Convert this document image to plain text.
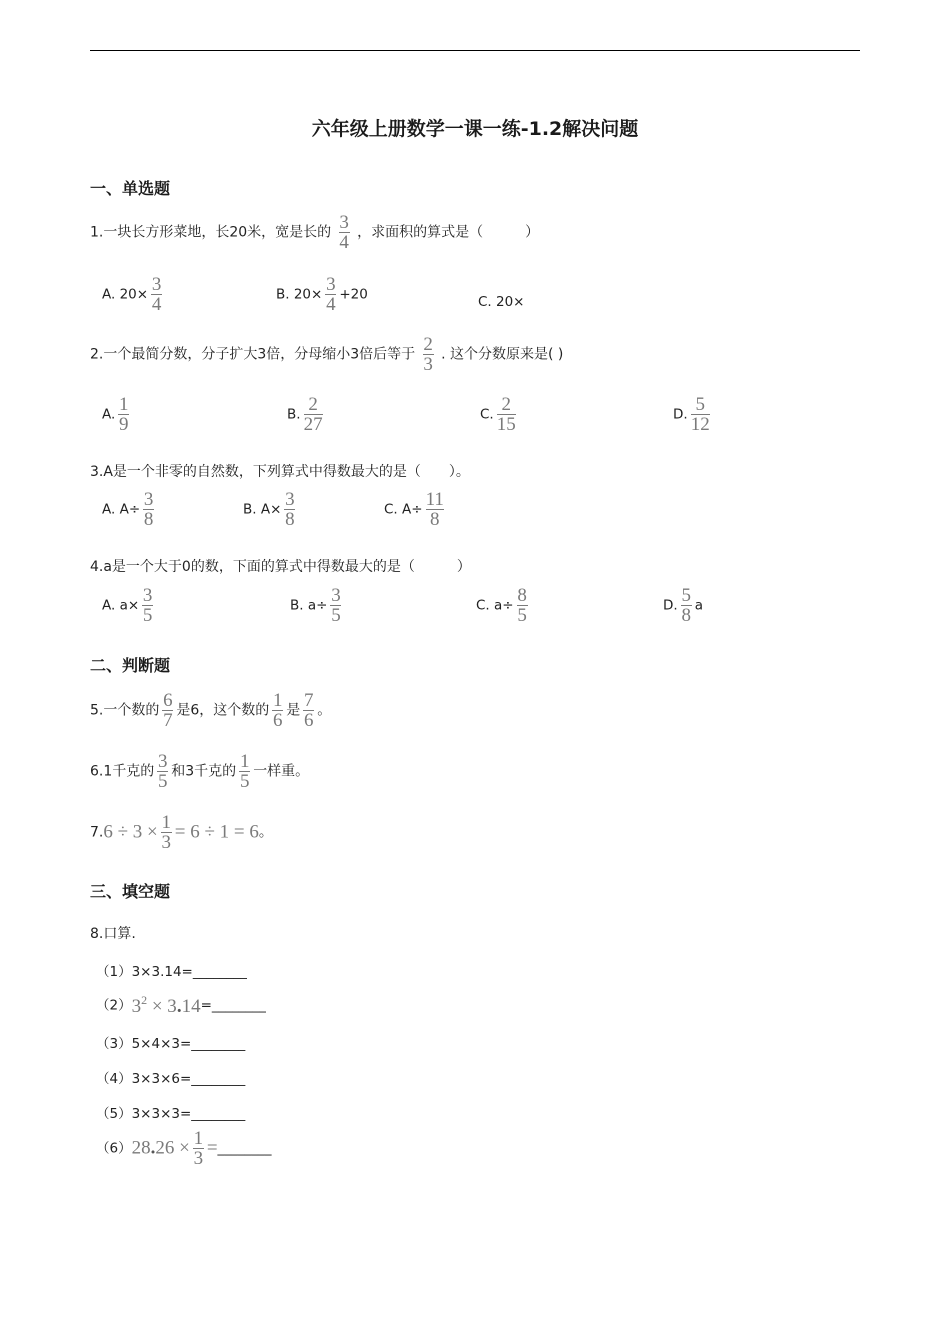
六年级上册数学一课一练-1.2解决问题
一、单选题
1.一块长方形菜地，长20米，宽是长的 $\frac{3}{4}$ ，求面积的算式是（　　　）
A. $20\times \frac{3}{4}$	B. $20\times \frac{3}{4} +20$	C. 20×
2.一个最简分数，分子扩大3倍，分母缩小3倍后等于 $\frac{2}{3}$ . 这个分数原来是( )
A. $\frac{1}{9}$	B. $\frac{2}{27}$	C. $\frac{2}{15}$	D. $\frac{5}{12}$
3.A是一个非零的自然数，下列算式中得数最大的是（　　）。
A. $A\div \frac{3}{8}$	B. $A\times \frac{3}{8}$	C. $A\div \frac{11}{8}$
4.a是一个大于0的数，下面的算式中得数最大的是（　　　）
A. $a\times \frac{3}{5}$	B. $a\div \frac{3}{5}$	C. $a\div \frac{8}{5}$	D. $\frac{5}{8}$ a
二、判断题
5.一个数的 $\frac{6}{7}$ 是6，这个数的 $\frac{1}{6}$ 是 $\frac{7}{6}$ 。
6.1千克的 $\frac{3}{5}$ 和3千克的 $\frac{1}{5}$ 一样重。
$7.6 \div 3 \times \frac{1}{3} = 6 \div 1 = 6$。
三、填空题
8.口算.
（1）3×3.14=________
$(2)3^2$ × 3.14=________
（3）5×4×3=________
（4）3×3×6=________
（5）3×3×3=________
$(6)28.26 \times \frac{1}{3}$ =________
